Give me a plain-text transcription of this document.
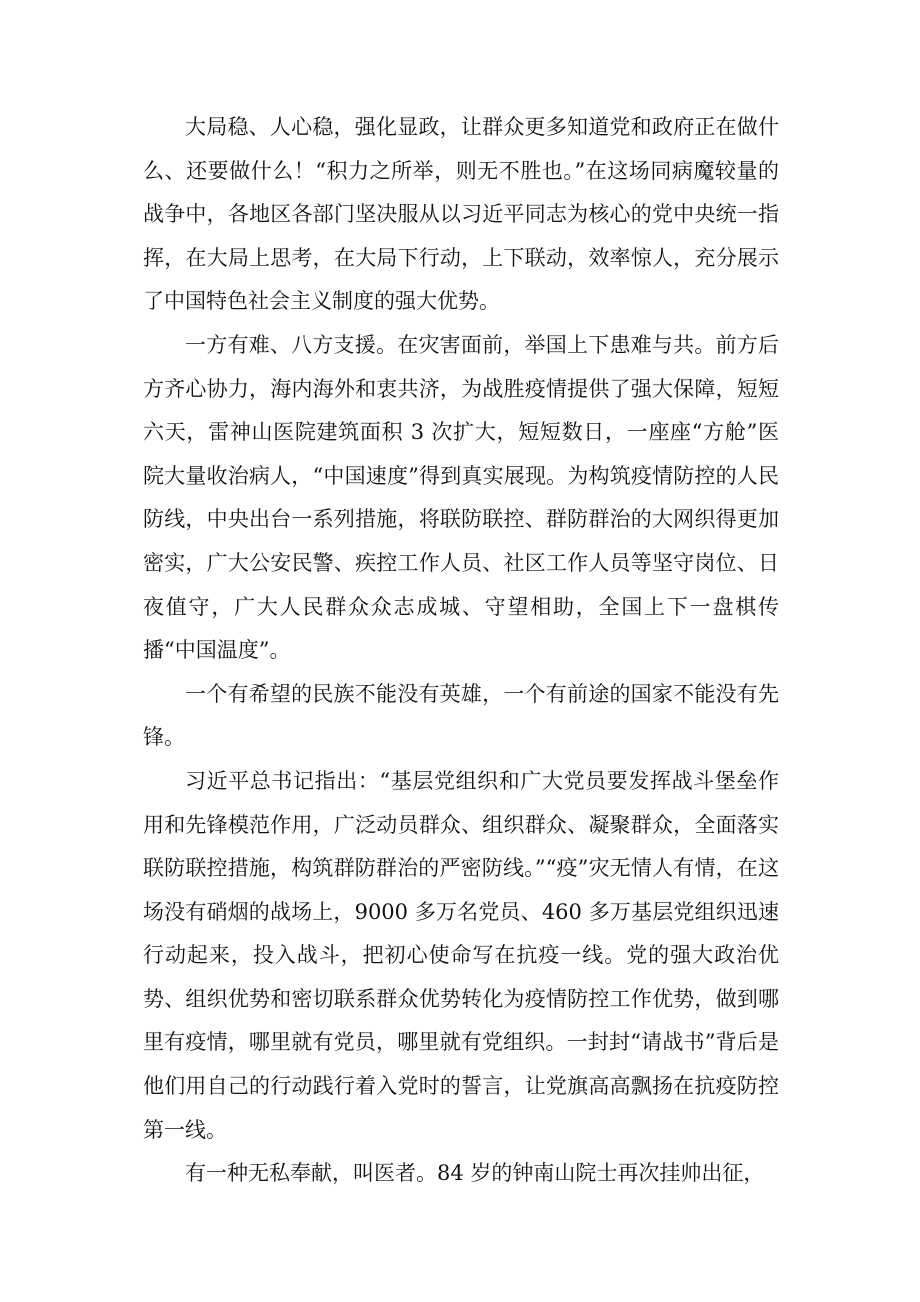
大局稳、人心稳，强化显政，让群众更多知道党和政府正在做什么、还要做什么！“积力之所举，则无不胜也。”在这场同病魔较量的战争中，各地区各部门坚决服从以习近平同志为核心的党中央统一指挥，在大局上思考，在大局下行动，上下联动，效率惊人，充分展示了中国特色社会主义制度的强大优势。

一方有难、八方支援。在灾害面前，举国上下患难与共。前方后方齐心协力，海内海外和衷共济，为战胜疫情提供了强大保障，短短六天，雷神山医院建筑面积 3 次扩大，短短数日，一座座“方舱”医院大量收治病人，“中国速度”得到真实展现。为构筑疫情防控的人民防线，中央出台一系列措施，将联防联控、群防群治的大网织得更加密实，广大公安民警、疾控工作人员、社区工作人员等坚守岗位、日夜值守，广大人民群众众志成城、守望相助，全国上下一盘棋传播“中国温度”。

一个有希望的民族不能没有英雄，一个有前途的国家不能没有先锋。

习近平总书记指出：“基层党组织和广大党员要发挥战斗堡垒作用和先锋模范作用，广泛动员群众、组织群众、凝聚群众，全面落实联防联控措施，构筑群防群治的严密防线。”“疫”灾无情人有情，在这场没有硝烟的战场上，9000 多万名党员、460 多万基层党组织迅速行动起来，投入战斗，把初心使命写在抗疫一线。党的强大政治优势、组织优势和密切联系群众优势转化为疫情防控工作优势，做到哪里有疫情，哪里就有党员，哪里就有党组织。一封封“请战书”背后是他们用自己的行动践行着入党时的誓言，让党旗高高飘扬在抗疫防控第一线。

有一种无私奉献，叫医者。84 岁的钟南山院士再次挂帅出征，
